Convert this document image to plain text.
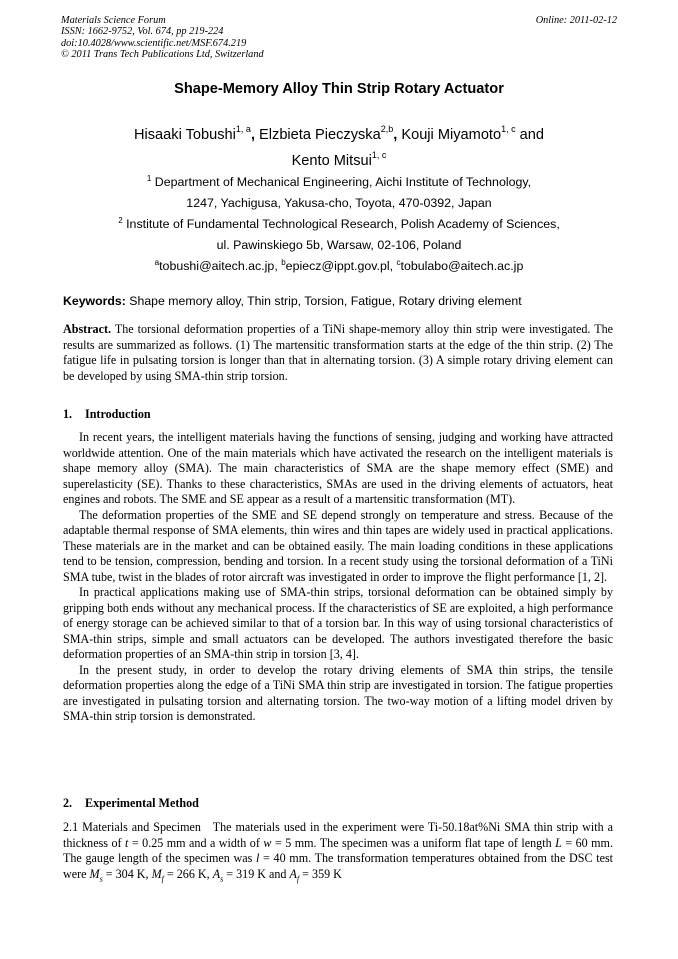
Materials Science Forum
ISSN: 1662-9752, Vol. 674, pp 219-224
doi:10.4028/www.scientific.net/MSF.674.219
© 2011 Trans Tech Publications Ltd, Switzerland
Online: 2011-02-12
Shape-Memory Alloy Thin Strip Rotary Actuator
Hisaaki Tobushi$^{1, a}$, Elzbieta Pieczyska$^{2,b}$, Kouji Miyamoto$^{1, c}$ and
Kento Mitsui$^{1, c}$
$^1$ Department of Mechanical Engineering, Aichi Institute of Technology,
1247, Yachigusa, Yakusa-cho, Toyota, 470-0392, Japan
$^2$ Institute of Fundamental Technological Research, Polish Academy of Sciences,
ul. Pawinskiego 5b, Warsaw, 02-106, Poland
$^a$tobushi@aitech.ac.jp, $^b$epiecz@ippt.gov.pl, $^c$tobulabo@aitech.ac.jp
Keywords: Shape memory alloy, Thin strip, Torsion, Fatigue, Rotary driving element
Abstract. The torsional deformation properties of a TiNi shape-memory alloy thin strip were investigated. The results are summarized as follows. (1) The martensitic transformation starts at the edge of the thin strip. (2) The fatigue life in pulsating torsion is longer than that in alternating torsion. (3) A simple rotary driving element can be developed by using SMA-thin strip torsion.
1. Introduction
In recent years, the intelligent materials having the functions of sensing, judging and working have attracted worldwide attention. One of the main materials which have activated the research on the intelligent materials is shape memory alloy (SMA). The main characteristics of SMA are the shape memory effect (SME) and superelasticity (SE). Thanks to these characteristics, SMAs are used in the driving elements of actuators, heat engines and robots. The SME and SE appear as a result of a martensitic transformation (MT).
The deformation properties of the SME and SE depend strongly on temperature and stress. Because of the adaptable thermal response of SMA elements, thin wires and thin tapes are widely used in practical applications. These materials are in the market and can be obtained easily. The main loading conditions in these applications tend to be tension, compression, bending and torsion. In a recent study using the torsional deformation of a TiNi SMA tube, twist in the blades of rotor aircraft was investigated in order to improve the flight performance [1, 2].
In practical applications making use of SMA-thin strips, torsional deformation can be obtained simply by gripping both ends without any mechanical process. If the characteristics of SE are exploited, a high performance of energy storage can be achieved similar to that of a torsion bar. In this way of using torsional characteristics of SMA-thin strips, simple and small actuators can be developed. The authors investigated therefore the basic deformation properties of an SMA-thin strip in torsion [3, 4].
In the present study, in order to develop the rotary driving elements of SMA thin strips, the tensile deformation properties along the edge of a TiNi SMA thin strip are investigated in torsion. The fatigue properties are investigated in pulsating torsion and alternating torsion. The two-way motion of a lifting model driven by SMA-thin strip torsion is demonstrated.
2. Experimental Method
2.1 Materials and Specimen The materials used in the experiment were Ti-50.18at%Ni SMA thin strip with a thickness of t = 0.25 mm and a width of w = 5 mm. The specimen was a uniform flat tape of length L = 60 mm. The gauge length of the specimen was l = 40 mm. The transformation temperatures obtained from the DSC test were $M_s = 304$ K, $M_f = 266$ K, $A_s = 319$ K and $A_f = 359$ K
